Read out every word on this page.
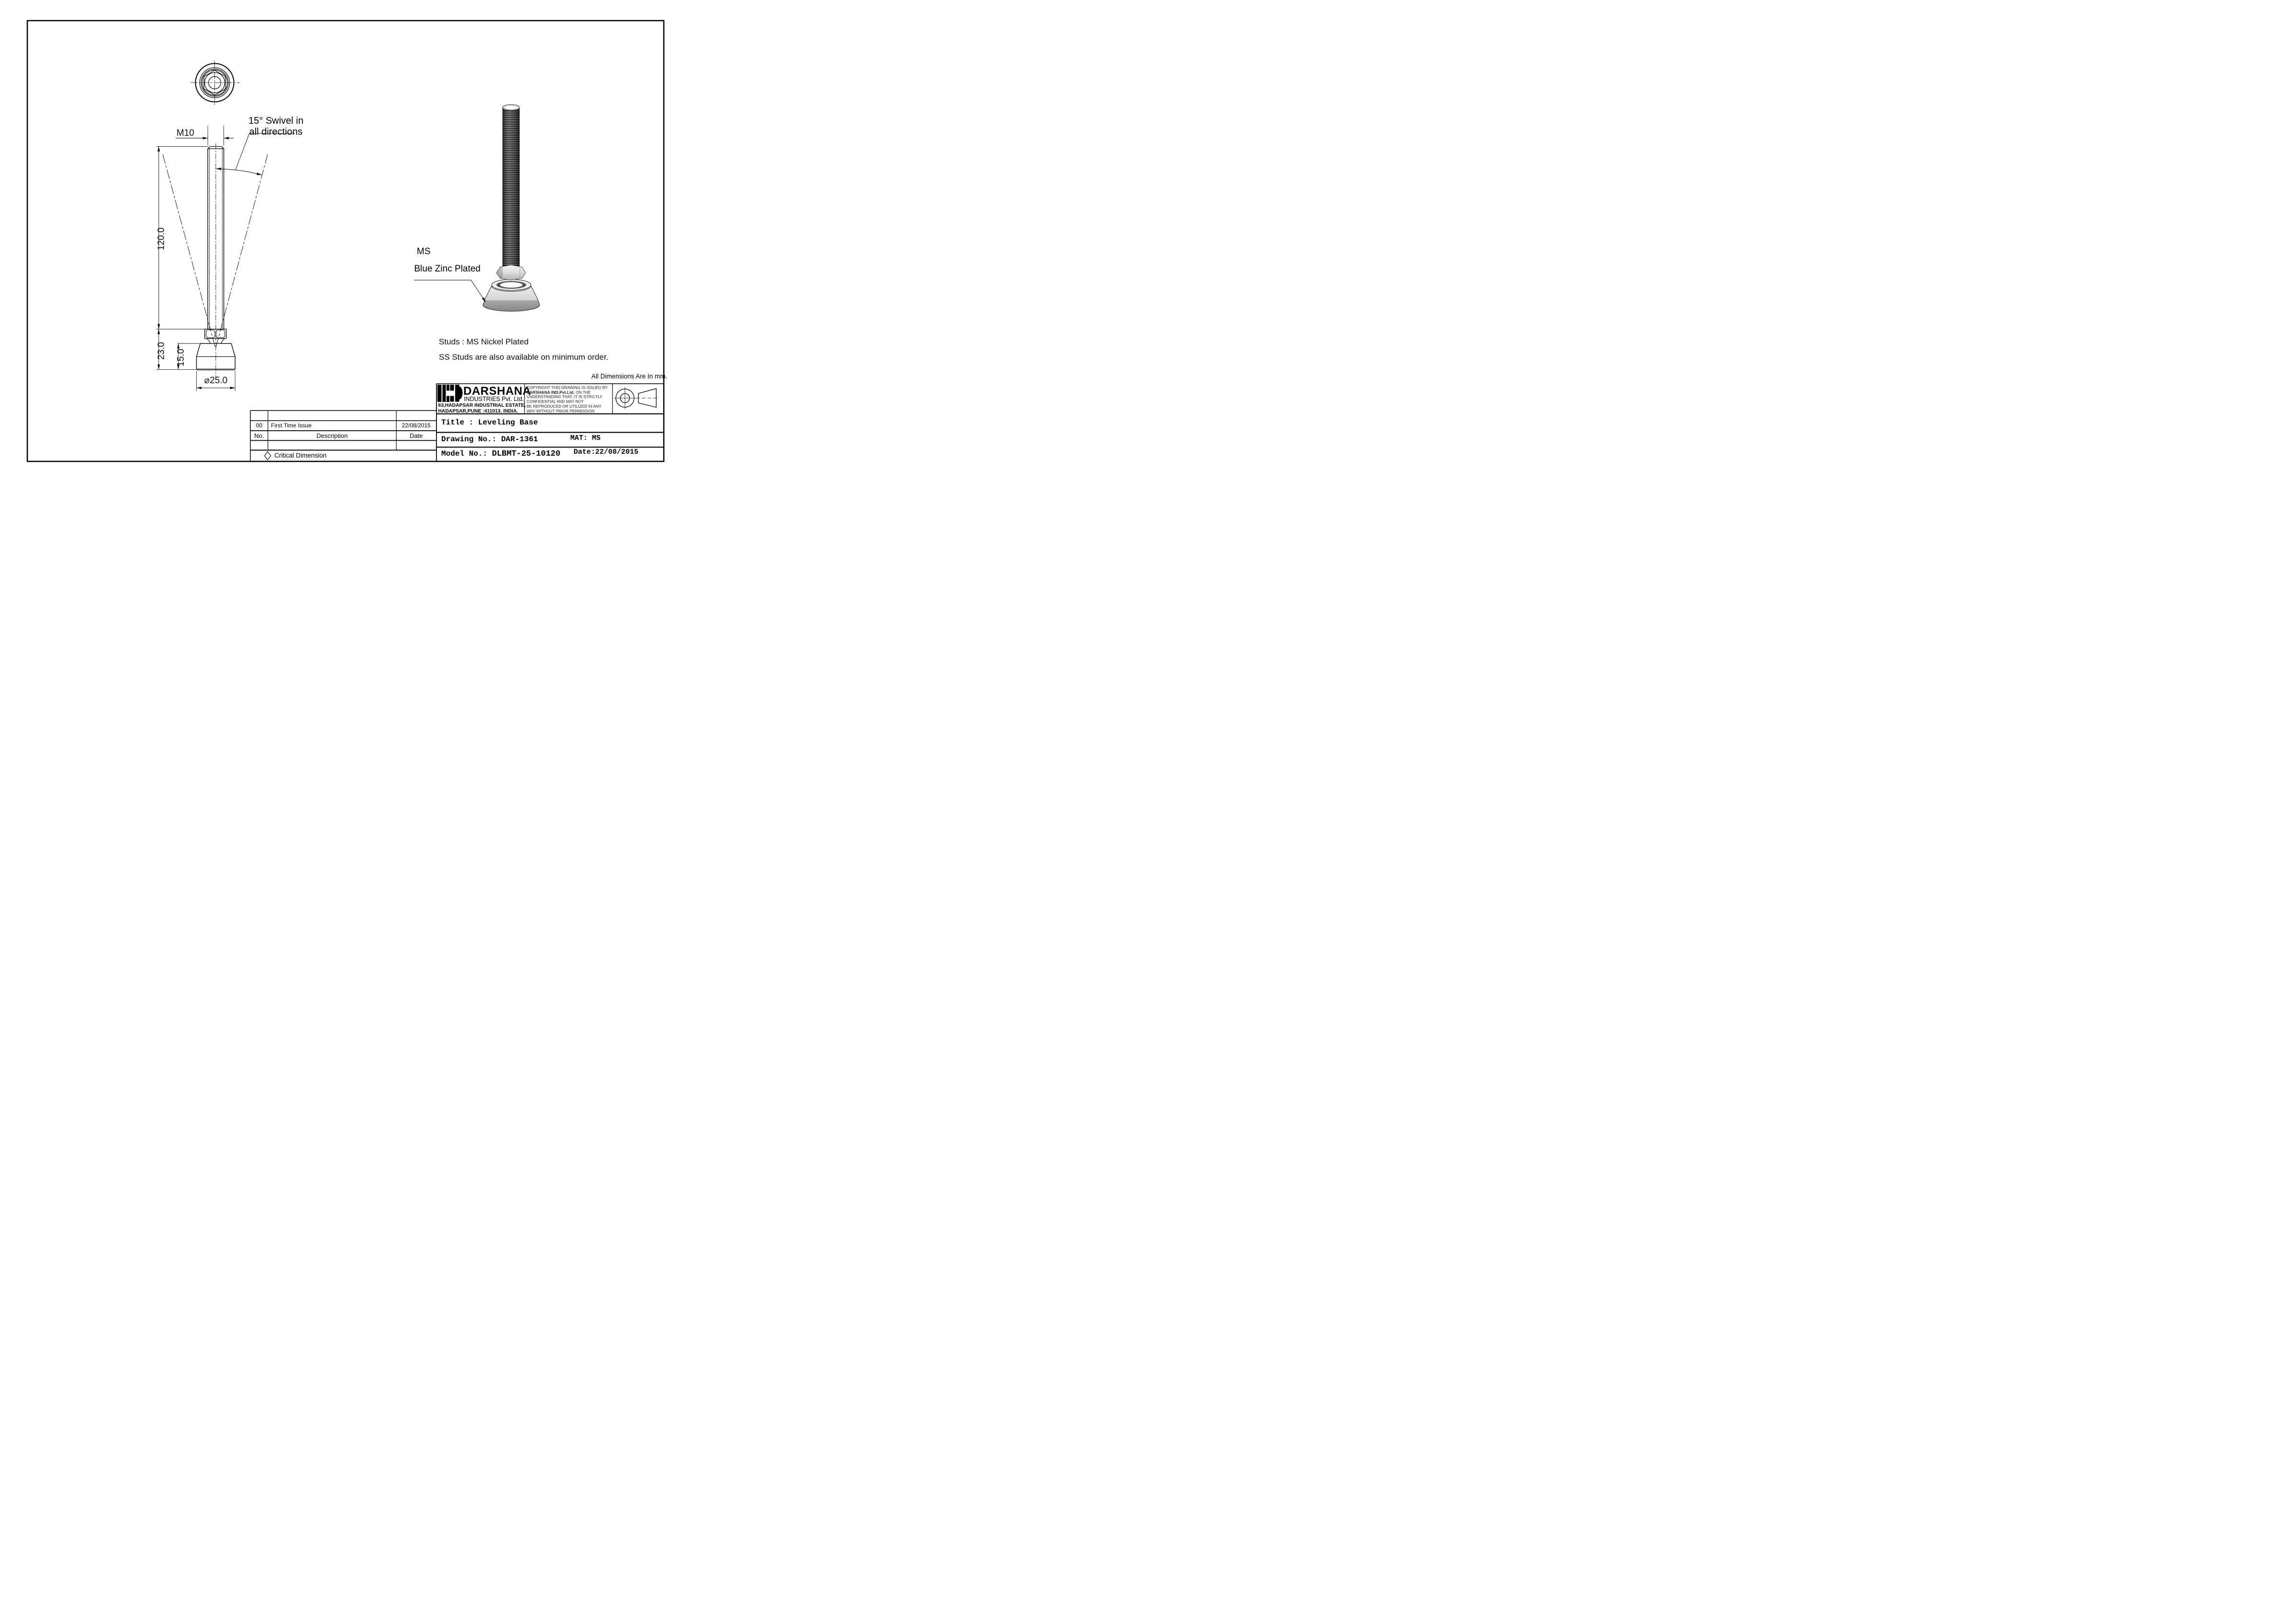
M10
15° Swivel in
all directions
120.0
23.0 15.0
⌀25.0
MS
Blue Zinc Plated
Studs : MS Nickel Plated
SS Studs are also available on minimum order.
All Dimensions Are In mm.
00	First Time Issue	22/08/2015
No.	Description	Date
Critical Dimension
DARSHANA
INDUSTRIES Pvt. Ltd.
63,HADAPSAR INDUSTRIAL ESTATE,
HADAPSAR,PUNE :411013. INDIA.
COPYRIGHT THIS DRAWING IS ISSUED BY
DARSHANA IND.Pvt.Ltd. ON THE
UNDERSTANDING THAT, IT IS STRICTLY
CONFIDENTIAL AND MAY NOT
BE REPRODUCED OR UTILIZED IN ANY
WAY WITHOUT PRIOR PERMISSION
Title : Leveling Base
Drawing No.: DAR-1361	MAT: MS
Model No.: DLBMT-25-10120 Date:22/08/2015
